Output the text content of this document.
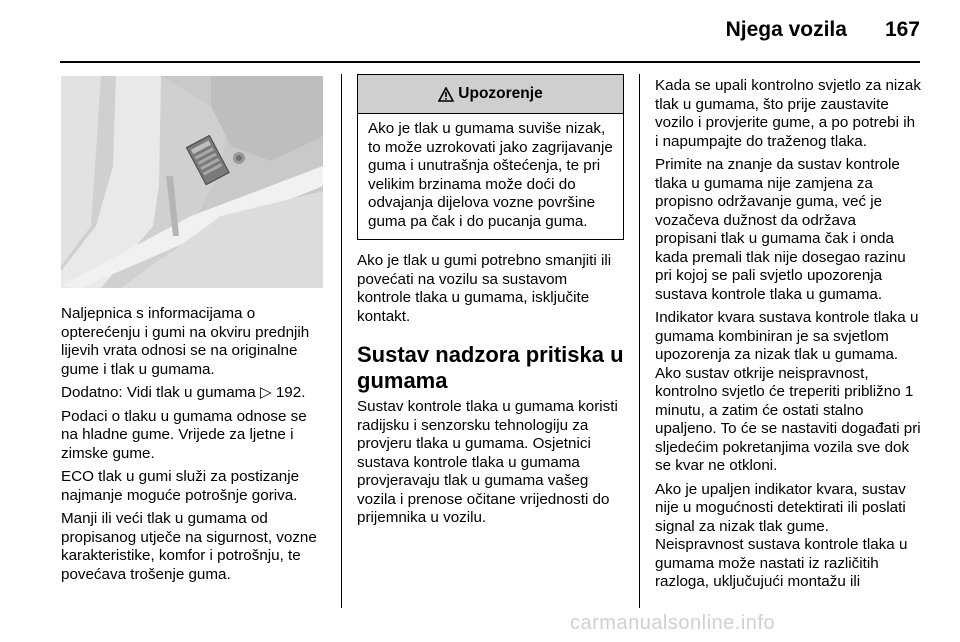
Njega vozila 167

Naljepnica s informacijama o opterećenju i gumi na okviru prednjih lijevih vrata odnosi se na originalne gume i tlak u gumama.

Dodatno: Vidi tlak u gumama ▷ 192.

Podaci o tlaku u gumama odnose se na hladne gume. Vrijede za ljetne i zimske gume.

ECO tlak u gumi služi za postizanje najmanje moguće potrošnje goriva.

Manji ili veći tlak u gumama od propisanog utječe na sigurnost, vozne karakteristike, komfor i potrošnju, te povećava trošenje guma.

Upozorenje
Ako je tlak u gumama suviše nizak, to može uzrokovati jako zagrijavanje guma i unutrašnja oštećenja, te pri velikim brzinama može doći do odvajanja dijelova vozne površine guma pa čak i do pucanja guma.

Ako je tlak u gumi potrebno smanjiti ili povećati na vozilu sa sustavom kontrole tlaka u gumama, isključite kontakt.

Sustav nadzora pritiska u gumama

Sustav kontrole tlaka u gumama koristi radijsku i senzorsku tehnologiju za provjeru tlaka u gumama. Osjetnici sustava kontrole tlaka u gumama provjeravaju tlak u gumama vašeg vozila i prenose očitane vrijednosti do prijemnika u vozilu.

Kada se upali kontrolno svjetlo za nizak tlak u gumama, što prije zaustavite vozilo i provjerite gume, a po potrebi ih i napumpajte do traženog tlaka.

Primite na znanje da sustav kontrole tlaka u gumama nije zamjena za propisno održavanje guma, već je vozačeva dužnost da održava propisani tlak u gumama čak i onda kada premali tlak nije dosegao razinu pri kojoj se pali svjetlo upozorenja sustava kontrole tlaka u gumama.

Indikator kvara sustava kontrole tlaka u gumama kombiniran je sa svjetlom upozorenja za nizak tlak u gumama. Ako sustav otkrije neispravnost, kontrolno svjetlo će treperiti približno 1 minutu, a zatim će ostati stalno upaljeno. To će se nastaviti događati pri sljedećim pokretanjima vozila sve dok se kvar ne otkloni.

Ako je upaljen indikator kvara, sustav nije u mogućnosti detektirati ili poslati signal za nizak tlak gume.

Neispravnost sustava kontrole tlaka u gumama može nastati iz različitih razloga, uključujući montažu ili

carmanualsonline.info
